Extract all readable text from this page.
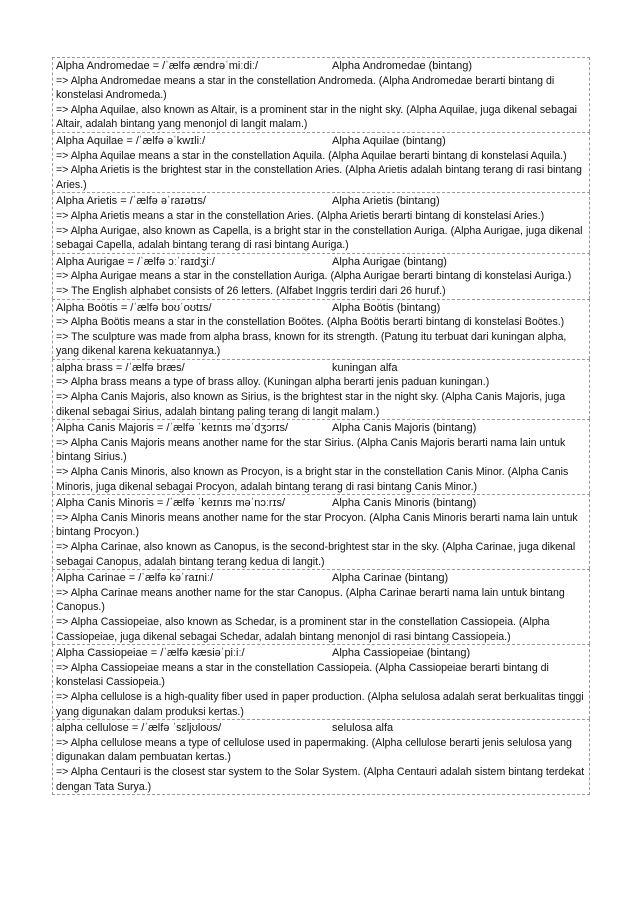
Alpha Andromedae = /ˈælfə ændrəˈmiːdiː/	Alpha Andromedae (bintang)
=> Alpha Andromedae means a star in the constellation Andromeda. (Alpha Andromedae berarti bintang di konstelasi Andromeda.)
=> Alpha Aquilae, also known as Altair, is a prominent star in the night sky. (Alpha Aquilae, juga dikenal sebagai Altair, adalah bintang yang menonjol di langit malam.)
Alpha Aquilae = /ˈælfə əˈkwɪliː/	Alpha Aquilae (bintang)
=> Alpha Aquilae means a star in the constellation Aquila. (Alpha Aquilae berarti bintang di konstelasi Aquila.)
=> Alpha Arietis is the brightest star in the constellation Aries. (Alpha Arietis adalah bintang terang di rasi bintang Aries.)
Alpha Arietis = /ˈælfə əˈraɪətɪs/	Alpha Arietis (bintang)
=> Alpha Arietis means a star in the constellation Aries. (Alpha Arietis berarti bintang di konstelasi Aries.)
=> Alpha Aurigae, also known as Capella, is a bright star in the constellation Auriga. (Alpha Aurigae, juga dikenal sebagai Capella, adalah bintang terang di rasi bintang Auriga.)
Alpha Aurigae = /ˈælfə ɔːˈraɪdʒiː/	Alpha Aurigae (bintang)
=> Alpha Aurigae means a star in the constellation Auriga. (Alpha Aurigae berarti bintang di konstelasi Auriga.)
=> The English alphabet consists of 26 letters. (Alfabet Inggris terdiri dari 26 huruf.)
Alpha Boötis = /ˈælfə boʊˈoʊtɪs/	Alpha Boötis (bintang)
=> Alpha Boötis means a star in the constellation Boötes. (Alpha Boötis berarti bintang di konstelasi Boötes.)
=> The sculpture was made from alpha brass, known for its strength. (Patung itu terbuat dari kuningan alpha, yang dikenal karena kekuatannya.)
alpha brass = /ˈælfə bræs/	kuningan alfa
=> Alpha brass means a type of brass alloy. (Kuningan alpha berarti jenis paduan kuningan.)
=> Alpha Canis Majoris, also known as Sirius, is the brightest star in the night sky. (Alpha Canis Majoris, juga dikenal sebagai Sirius, adalah bintang paling terang di langit malam.)
Alpha Canis Majoris = /ˈælfə ˈkeɪnɪs məˈdʒɔrɪs/	Alpha Canis Majoris (bintang)
=> Alpha Canis Majoris means another name for the star Sirius. (Alpha Canis Majoris berarti nama lain untuk bintang Sirius.)
=> Alpha Canis Minoris, also known as Procyon, is a bright star in the constellation Canis Minor. (Alpha Canis Minoris, juga dikenal sebagai Procyon, adalah bintang terang di rasi bintang Canis Minor.)
Alpha Canis Minoris = /ˈælfə ˈkeɪnɪs məˈnɔːrɪs/	Alpha Canis Minoris (bintang)
=> Alpha Canis Minoris means another name for the star Procyon. (Alpha Canis Minoris berarti nama lain untuk bintang Procyon.)
=> Alpha Carinae, also known as Canopus, is the second-brightest star in the sky. (Alpha Carinae, juga dikenal sebagai Canopus, adalah bintang terang kedua di langit.)
Alpha Carinae = /ˈælfə kəˈraɪniː/	Alpha Carinae (bintang)
=> Alpha Carinae means another name for the star Canopus. (Alpha Carinae berarti nama lain untuk bintang Canopus.)
=> Alpha Cassiopeiae, also known as Schedar, is a prominent star in the constellation Cassiopeia. (Alpha Cassiopeiae, juga dikenal sebagai Schedar, adalah bintang menonjol di rasi bintang Cassiopeia.)
Alpha Cassiopeiae = /ˈælfə kæsiəˈpiːiː/	Alpha Cassiopeiae (bintang)
=> Alpha Cassiopeiae means a star in the constellation Cassiopeia. (Alpha Cassiopeiae berarti bintang di konstelasi Cassiopeia.)
=> Alpha cellulose is a high-quality fiber used in paper production. (Alpha selulosa adalah serat berkualitas tinggi yang digunakan dalam produksi kertas.)
alpha cellulose = /ˈælfə ˈsɛljʊloʊs/	selulosa alfa
=> Alpha cellulose means a type of cellulose used in papermaking. (Alpha cellulose berarti jenis selulosa yang digunakan dalam pembuatan kertas.)
=> Alpha Centauri is the closest star system to the Solar System. (Alpha Centauri adalah sistem bintang terdekat dengan Tata Surya.)
